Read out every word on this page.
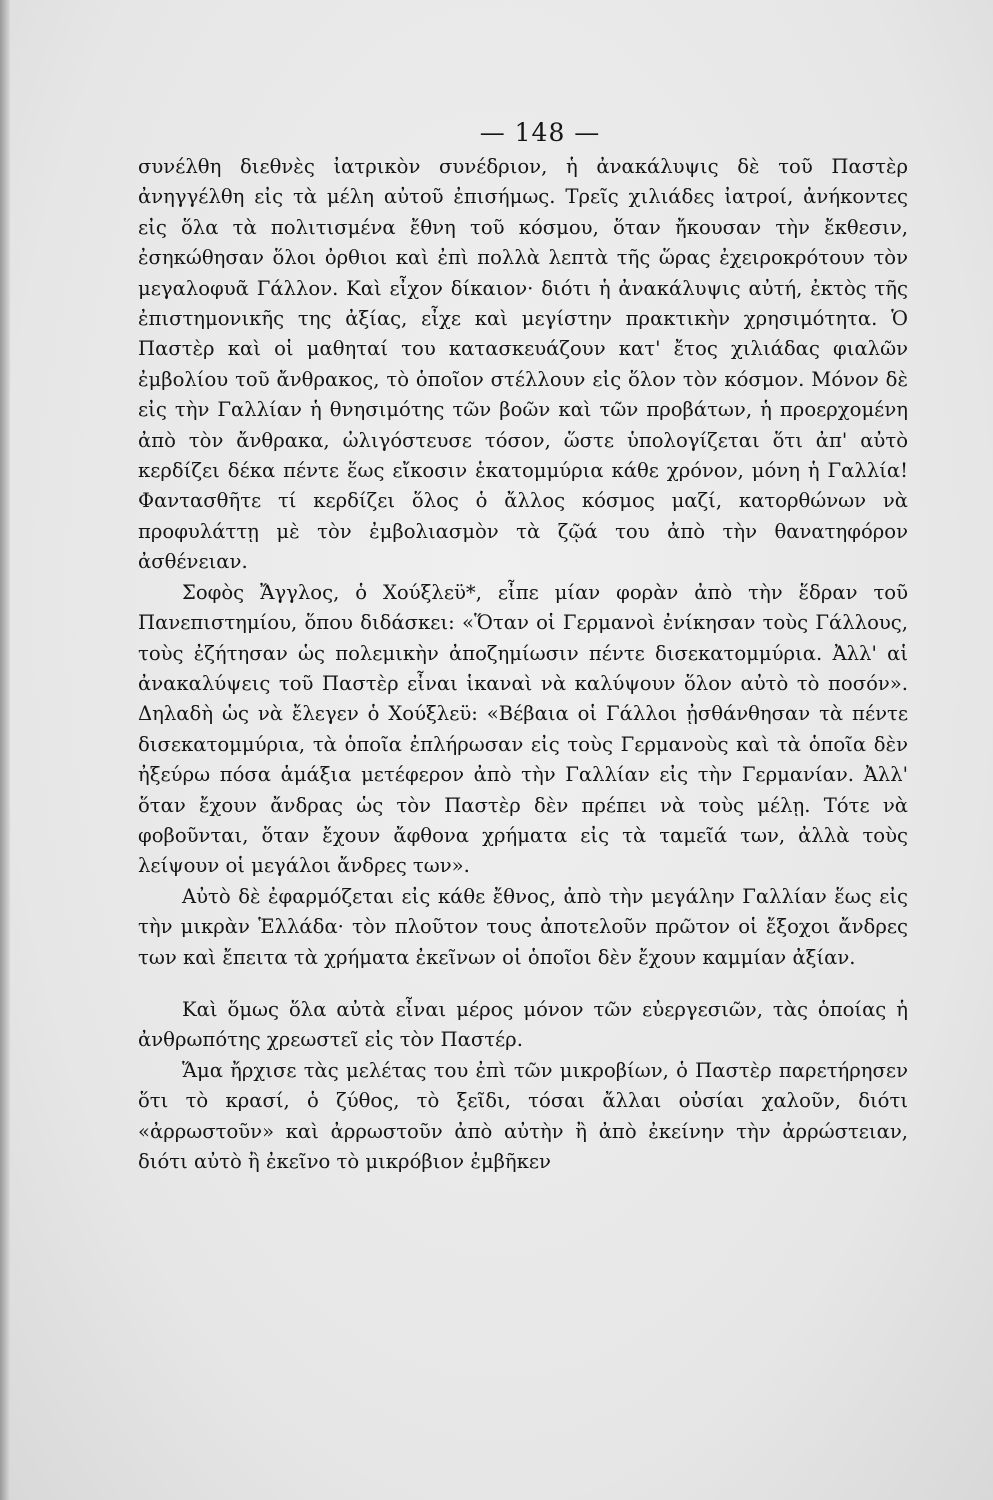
— 148 —

συνέλθη διεθνὲς ἰατρικὸν συνέδριον, ἡ ἀνακάλυψις δὲ τοῦ Παστὲρ ἀνηγγέλθη εἰς τὰ μέλη αὐτοῦ ἐπισήμως. Τρεῖς χιλιάδες ἰατροί, ἀνήκοντες εἰς ὅλα τὰ πολιτισμένα ἔθνη τοῦ κόσμου, ὅταν ἤκουσαν τὴν ἔκθεσιν, ἐσηκώθησαν ὅλοι ὀρθιοι καὶ ἐπὶ πολλὰ λεπτὰ τῆς ὥρας ἐχειροκρότουν τὸν μεγαλοφυᾶ Γάλλον. Καὶ εἶχον δίκαιον· διότι ἡ ἀνακάλυψις αὐτή, ἐκτὸς τῆς ἐπιστημονικῆς της ἀξίας, εἶχε καὶ μεγίστην πρακτικὴν χρησιμότητα. Ὁ Παστὲρ καὶ οἱ μαθηταί του κατασκευάζουν κατ' ἔτος χιλιάδας φιαλῶν ἐμβολίου τοῦ ἄνθρακος, τὸ ὁποῖον στέλλουν εἰς ὅλον τὸν κόσμον. Μόνον δὲ εἰς τὴν Γαλλίαν ἡ θνησιμότης τῶν βοῶν καὶ τῶν προβάτων, ἡ προερχομένη ἀπὸ τὸν ἄνθρακα, ὠλιγόστευσε τόσον, ὥστε ὑπολογίζεται ὅτι ἀπ' αὐτὸ κερδίζει δέκα πέντε ἕως εἴκοσιν ἑκατομμύρια κάθε χρόνον, μόνη ἡ Γαλλία! Φαντασθῆτε τί κερδίζει ὅλος ὁ ἄλλος κόσμος μαζί, κατορθώνων νὰ προφυλάττῃ μὲ τὸν ἐμβολιασμὸν τὰ ζῷά του ἀπὸ τὴν θανατηφόρον ἀσθένειαν.

Σοφὸς Ἄγγλος, ὁ Χούξλεϋ*, εἶπε μίαν φορὰν ἀπὸ τὴν ἕδραν τοῦ Πανεπιστημίου, ὅπου διδάσκει: «Ὅταν οἱ Γερμανοὶ ἐνίκησαν τοὺς Γάλλους, τοὺς ἐζήτησαν ὡς πολεμικὴν ἀποζημίωσιν πέντε δισεκατομμύρια. Ἀλλ' αἱ ἀνακαλύψεις τοῦ Παστὲρ εἶναι ἱκαναὶ νὰ καλύψουν ὅλον αὐτὸ τὸ ποσόν». Δηλαδὴ ὡς νὰ ἔλεγεν ὁ Χούξλεϋ: «Βέβαια οἱ Γάλλοι ᾐσθάνθησαν τὰ πέντε δισεκατομμύρια, τὰ ὁποῖα ἐπλήρωσαν εἰς τοὺς Γερμανοὺς καὶ τὰ ὁποῖα δὲν ἠξεύρω πόσα ἁμάξια μετέφερον ἀπὸ τὴν Γαλλίαν εἰς τὴν Γερμανίαν. Ἀλλ' ὅταν ἔχουν ἄνδρας ὡς τὸν Παστὲρ δὲν πρέπει νὰ τοὺς μέλῃ. Τότε νὰ φοβοῦνται, ὅταν ἔχουν ἄφθονα χρήματα εἰς τὰ ταμεῖά των, ἀλλὰ τοὺς λείψουν οἱ μεγάλοι ἄνδρες των».

Αὐτὸ δὲ ἐφαρμόζεται εἰς κάθε ἔθνος, ἀπὸ τὴν μεγάλην Γαλλίαν ἕως εἰς τὴν μικρὰν Ἑλλάδα· τὸν πλοῦτον τους ἀποτελοῦν πρῶτον οἱ ἔξοχοι ἄνδρες των καὶ ἔπειτα τὰ χρήματα ἐκεῖνων οἱ ὁποῖοι δὲν ἔχουν καμμίαν ἀξίαν.

Καὶ ὅμως ὅλα αὐτὰ εἶναι μέρος μόνον τῶν εὐεργεσιῶν, τὰς ὁποίας ἡ ἀνθρωπότης χρεωστεῖ εἰς τὸν Παστέρ.

Ἅμα ἤρχισε τὰς μελέτας του ἐπὶ τῶν μικροβίων, ὁ Παστὲρ παρετήρησεν ὅτι τὸ κρασί, ὁ ζύθος, τὸ ξεῖδι, τόσαι ἄλλαι οὐσίαι χαλοῦν, διότι «ἀρρωστοῦν» καὶ ἀρρωστοῦν ἀπὸ αὐτὴν ἢ ἀπὸ ἐκείνην τὴν ἀρρώστειαν, διότι αὐτὸ ἢ ἐκεῖνο τὸ μικρόβιον ἐμβῆκεν
